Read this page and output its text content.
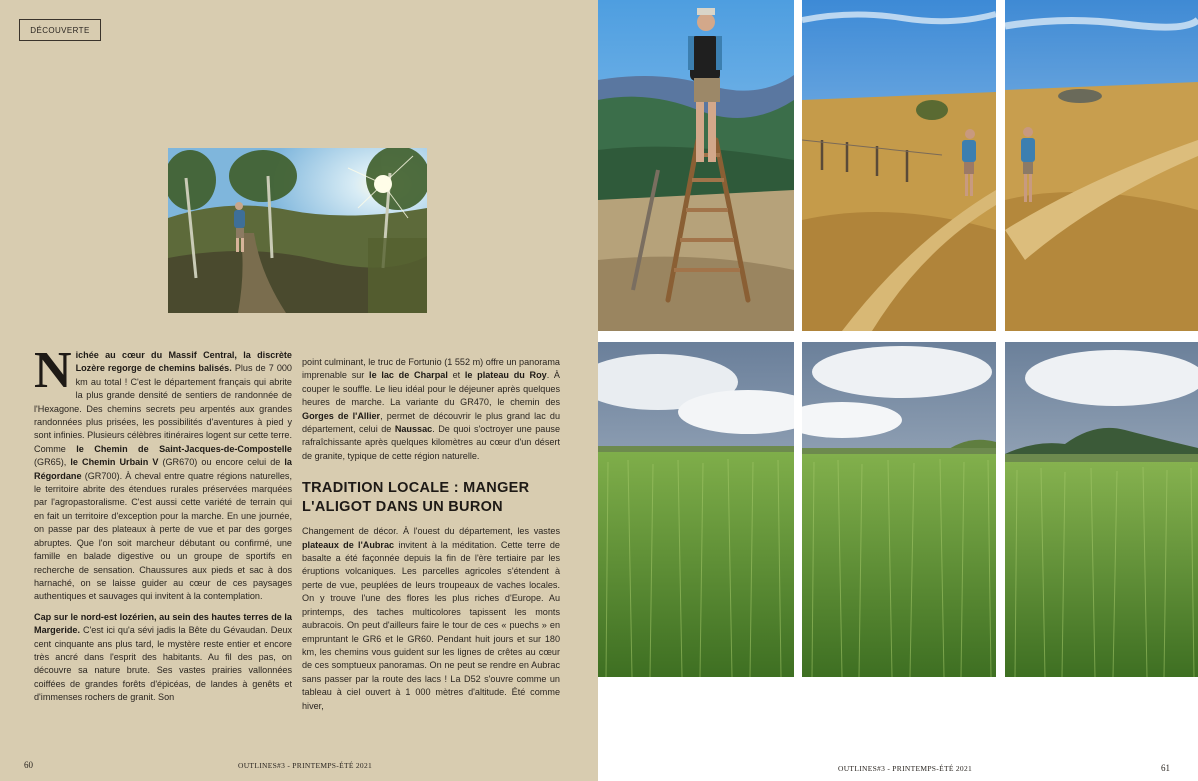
DÉCOUVERTE

Nichée au cœur du Massif Central, la discrète Lozère regorge de chemins balisés. Plus de 7 000 km au total ! C'est le département français qui abrite la plus grande densité de sentiers de randonnée de l'Hexagone. Des chemins secrets peu arpentés aux grandes randonnées plus prisées, les possibilités d'aventures à pied y sont infinies. Plusieurs célèbres itinéraires logent sur cette terre. Comme le Chemin de Saint-Jacques-de-Compostelle (GR65), le Chemin Urbain V (GR670) ou encore celui de la Régordane (GR700). À cheval entre quatre régions naturelles, le territoire abrite des étendues rurales préservées marquées par l'agropastoralisme. C'est aussi cette variété de terrain qui en fait un territoire d'exception pour la marche. En une journée, on passe par des plateaux à perte de vue et par des gorges abruptes. Que l'on soit marcheur débutant ou confirmé, une famille en balade digestive ou un groupe de sportifs en recherche de sensation. Chaussures aux pieds et sac à dos harnaché, on se laisse guider au cœur de ces paysages authentiques et sauvages qui invitent à la contemplation.

Cap sur le nord-est lozérien, au sein des hautes terres de la Margeride. C'est ici qu'a sévi jadis la Bête du Gévaudan. Deux cent cinquante ans plus tard, le mystère reste entier et encore très ancré dans l'esprit des habitants. Au fil des pas, on découvre sa nature brute. Ses vastes prairies vallonnées coiffées de grandes forêts d'épicéas, de landes à genêts et d'immenses rochers de granit. Son

point culminant, le truc de Fortunio (1 552 m) offre un panorama imprenable sur le lac de Charpal et le plateau du Roy. À couper le souffle. Le lieu idéal pour le déjeuner après quelques heures de marche. La variante du GR470, le chemin des Gorges de l'Allier, permet de découvrir le plus grand lac du département, celui de Naussac. De quoi s'octroyer une pause rafraîchissante après quelques kilomètres au cœur d'un désert de granite, typique de cette région naturelle.

TRADITION LOCALE : MANGER L'ALIGOT DANS UN BURON

Changement de décor. À l'ouest du département, les vastes plateaux de l'Aubrac invitent à la méditation. Cette terre de basalte a été façonnée depuis la fin de l'ère tertiaire par les éruptions volcaniques. Les parcelles agricoles s'étendent à perte de vue, peuplées de leurs troupeaux de vaches locales. On y trouve l'une des flores les plus riches d'Europe. Au printemps, des taches multicolores tapissent les monts aubracois. On peut d'ailleurs faire le tour de ces « puechs » en empruntant le GR6 et le GR60. Pendant huit jours et sur 180 km, les chemins vous guident sur les lignes de crêtes au cœur de ces somptueux panoramas. On ne peut se rendre en Aubrac sans passer par la route des lacs ! La D52 s'ouvre comme un tableau à ciel ouvert à 1 000 mètres d'altitude. Été comme hiver,

60	OUTLINES#3 - PRINTEMPS-ÉTÉ 2021	OUTLINES#3 - PRINTEMPS-ÉTÉ 2021	61
